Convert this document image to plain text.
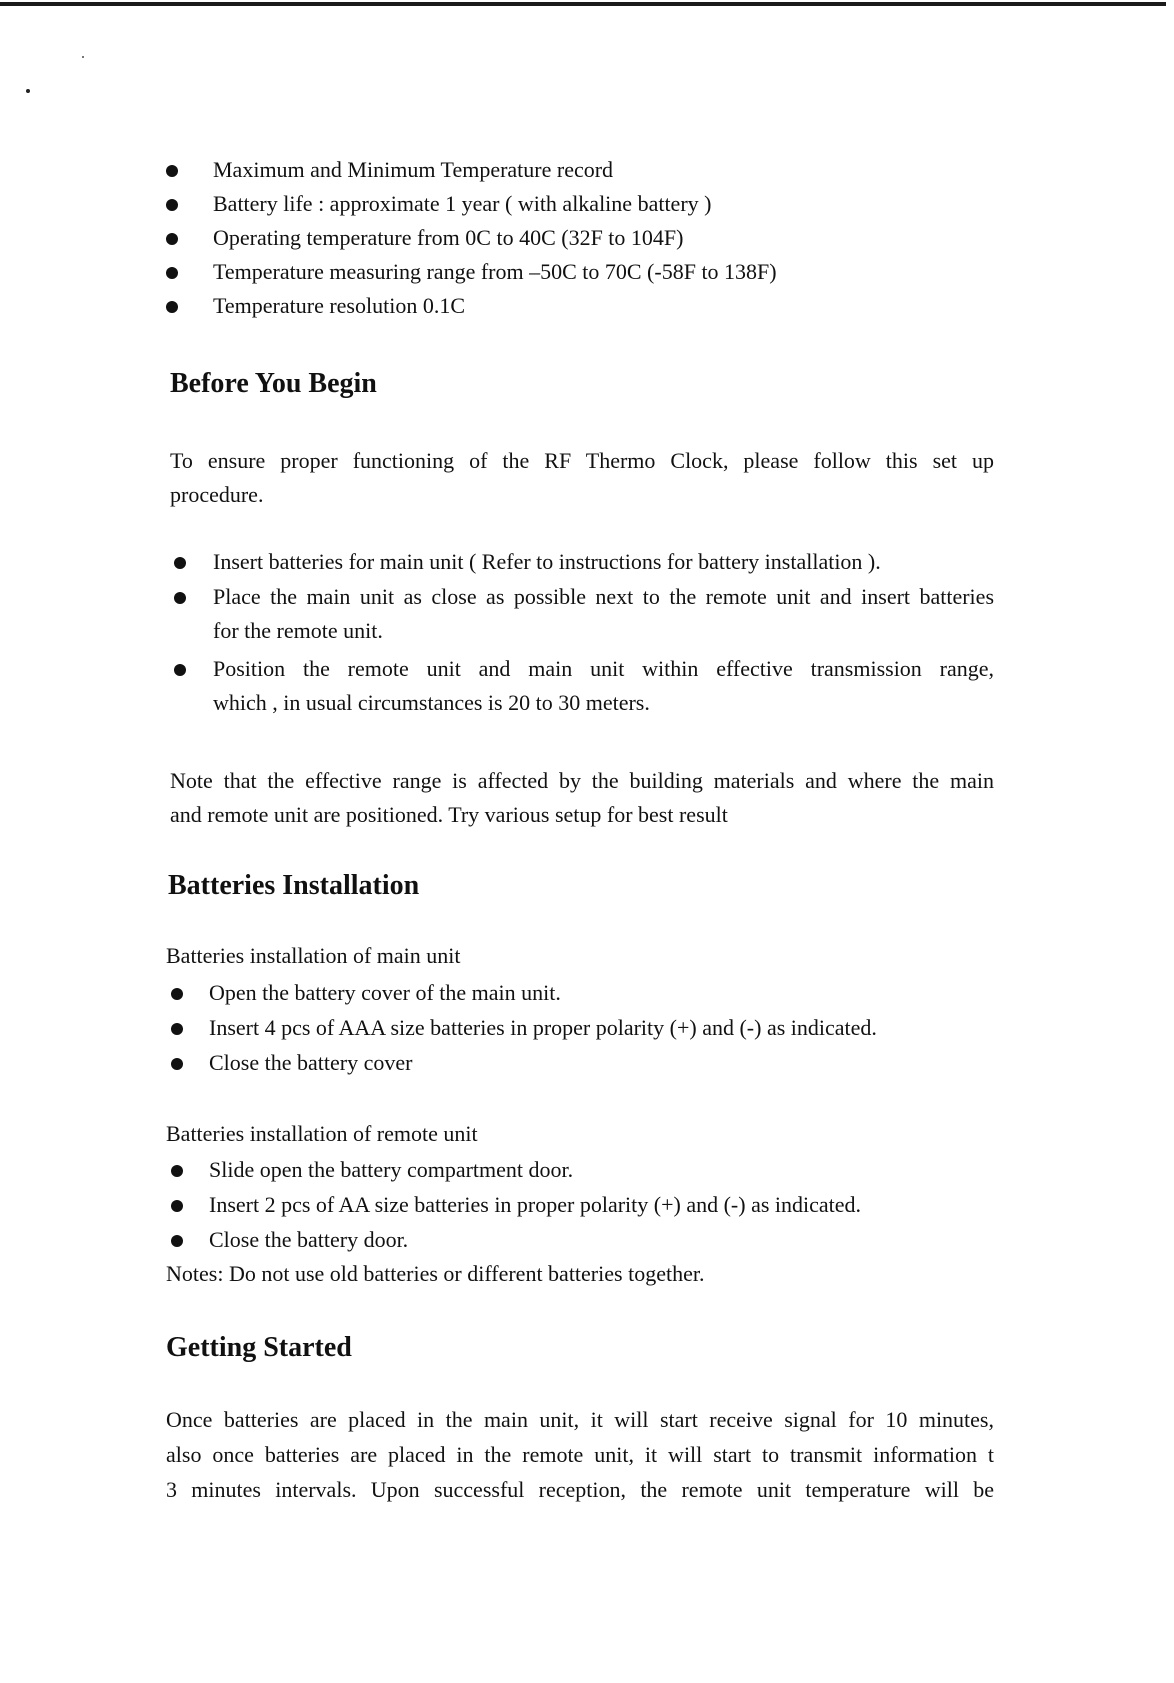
Maximum and Minimum Temperature record
Battery life : approximate 1 year ( with alkaline battery )
Operating temperature from 0C to 40C (32F to 104F)
Temperature measuring range from –50C to 70C (-58F to 138F)
Temperature resolution 0.1C
Before You Begin
To ensure proper functioning of the RF Thermo Clock, please follow this set up
procedure.
Insert batteries for main unit ( Refer to instructions for battery installation ).
Place the main unit as close as possible next to the remote unit and insert batteries
for the remote unit.
Position the remote unit and main unit within effective transmission range,
which , in usual circumstances is 20 to 30 meters.
Note that the effective range is affected by the building materials and where the main
and remote unit are positioned. Try various setup for best result
Batteries Installation
Batteries installation of main unit
Open the battery cover of the main unit.
Insert 4 pcs of AAA size batteries in proper polarity (+) and (-) as indicated.
Close the battery cover
Batteries installation of remote unit
Slide open the battery compartment door.
Insert 2 pcs of AA size batteries in proper polarity (+) and (-) as indicated.
Close the battery door.
Notes: Do not use old batteries or different batteries together.
Getting Started
Once batteries are placed in the main unit, it will start receive signal for 10 minutes,
also once batteries are placed in the remote unit, it will start to transmit information t
3 minutes intervals. Upon successful reception, the remote unit temperature will be
